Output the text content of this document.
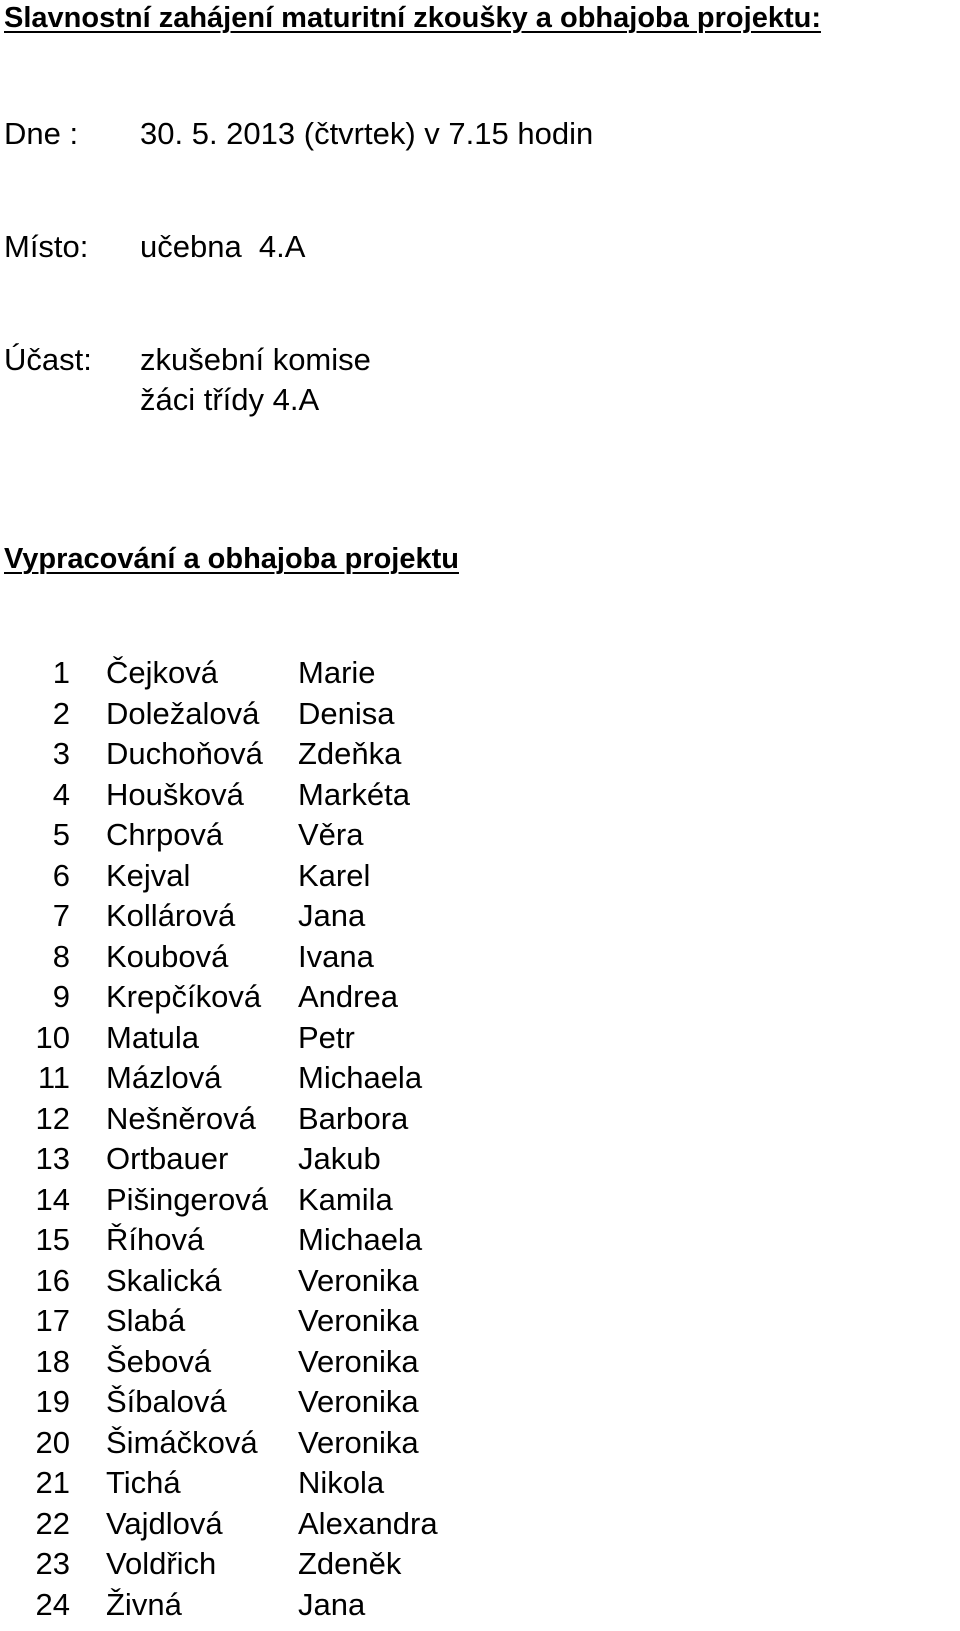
Slavnostní zahájení maturitní zkoušky a obhajoba projektu:
Dne : 30. 5. 2013 (čtvrtek) v 7.15 hodin
Místo: učebna  4.A
Účast: zkušební komise
žáci třídy 4.A
Vypracování a obhajoba projektu
1 Čejková	Marie
2 Doležalová Denisa
3 Duchoňová Zdeňka
4 Houšková Markéta
5 Chrpová Věra
6 Kejval	Karel
7 Kollárová Jana
8 Koubová Ivana
9 Krepčíková Andrea
10 Matula	Petr
11 Mázlová Michaela
12 Nešněrová Barbora
13 Ortbauer Jakub
14 Pišingerová Kamila
15 Říhová	Michaela
16 Skalická Veronika
17 Slabá	Veronika
18 Šebová	Veronika
19 Šíbalová Veronika
20 Šimáčková Veronika
21 Tichá	Nikola
22 Vajdlová Alexandra
23 Voldřich	Zdeněk
24 Živná	Jana
